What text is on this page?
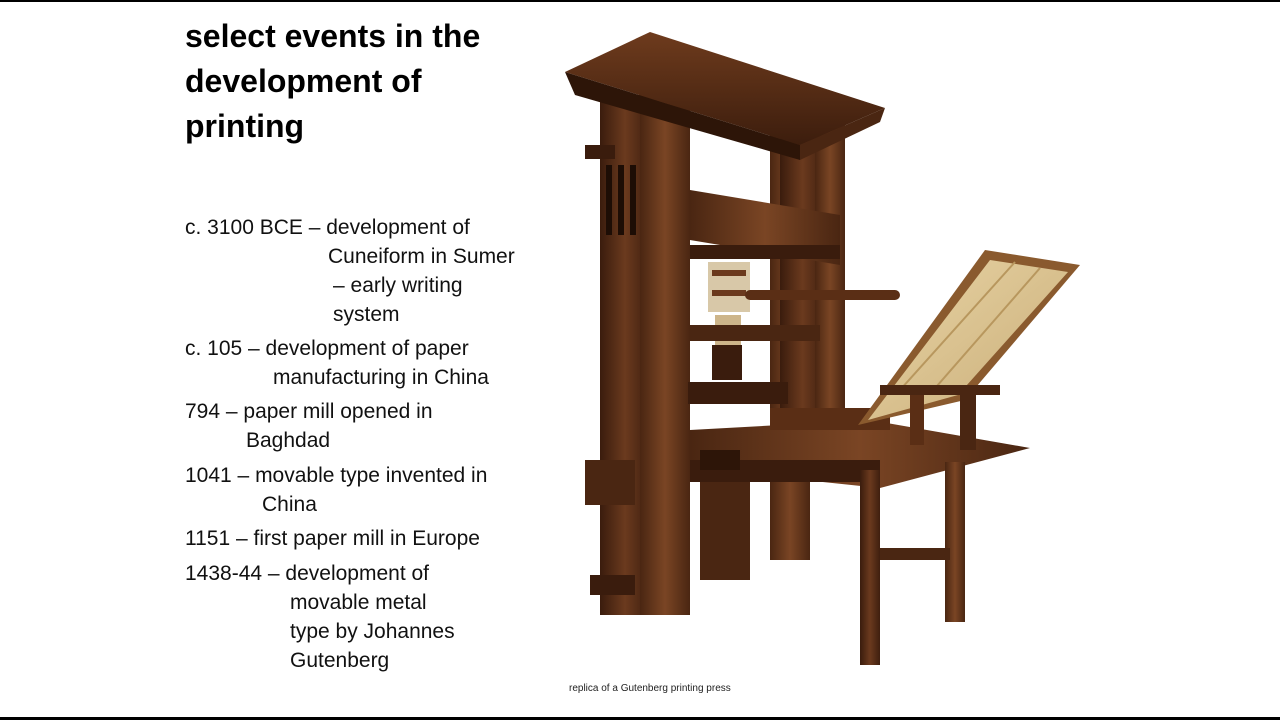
select events in the
development of
printing
c. 3100 BCE – development of
Cuneiform in Sumer
– early writing
system
c. 105 – development of paper
manufacturing in China
794 – paper mill opened in
Baghdad
1041 – movable type invented in
China
1151 – first paper mill in Europe
1438-44 – development of
movable metal
type by Johannes
Gutenberg
replica of a Gutenberg printing press
